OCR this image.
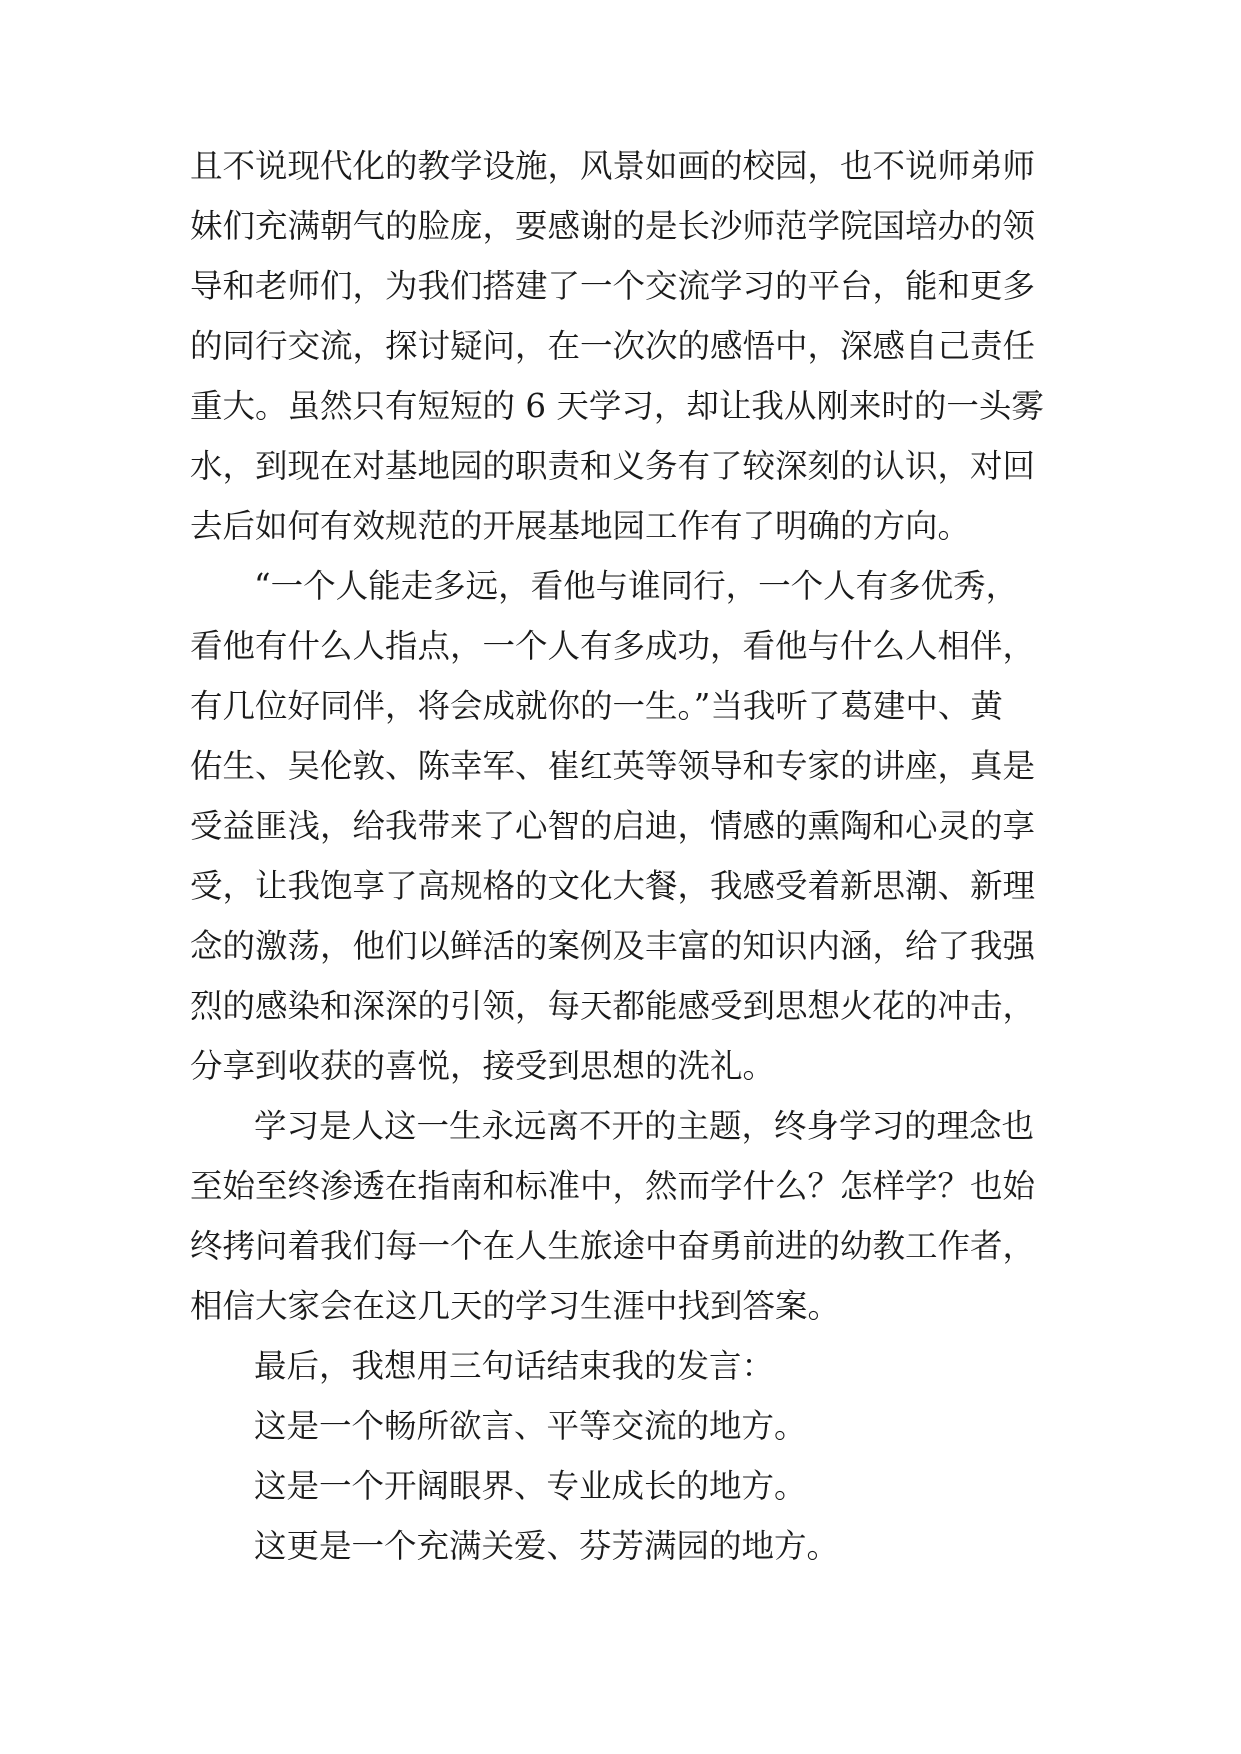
且不说现代化的教学设施，风景如画的校园，也不说师弟师
妹们充满朝气的脸庞，要感谢的是长沙师范学院国培办的领
导和老师们，为我们搭建了一个交流学习的平台，能和更多
的同行交流，探讨疑问，在一次次的感悟中，深感自己责任
重大。虽然只有短短的 6 天学习，却让我从刚来时的一头雾
水，到现在对基地园的职责和义务有了较深刻的认识，对回
去后如何有效规范的开展基地园工作有了明确的方向。
“一个人能走多远，看他与谁同行，一个人有多优秀，
看他有什么人指点，一个人有多成功，看他与什么人相伴，
有几位好同伴，将会成就你的一生。”当我听了葛建中、黄
佑生、吴伦敦、陈幸军、崔红英等领导和专家的讲座，真是
受益匪浅，给我带来了心智的启迪，情感的熏陶和心灵的享
受，让我饱享了高规格的文化大餐，我感受着新思潮、新理
念的激荡，他们以鲜活的案例及丰富的知识内涵，给了我强
烈的感染和深深的引领，每天都能感受到思想火花的冲击，
分享到收获的喜悦，接受到思想的洗礼。
学习是人这一生永远离不开的主题，终身学习的理念也
至始至终渗透在指南和标准中，然而学什么？怎样学？也始
终拷问着我们每一个在人生旅途中奋勇前进的幼教工作者，
相信大家会在这几天的学习生涯中找到答案。
最后，我想用三句话结束我的发言：
这是一个畅所欲言、平等交流的地方。
这是一个开阔眼界、专业成长的地方。
这更是一个充满关爱、芬芳满园的地方。
